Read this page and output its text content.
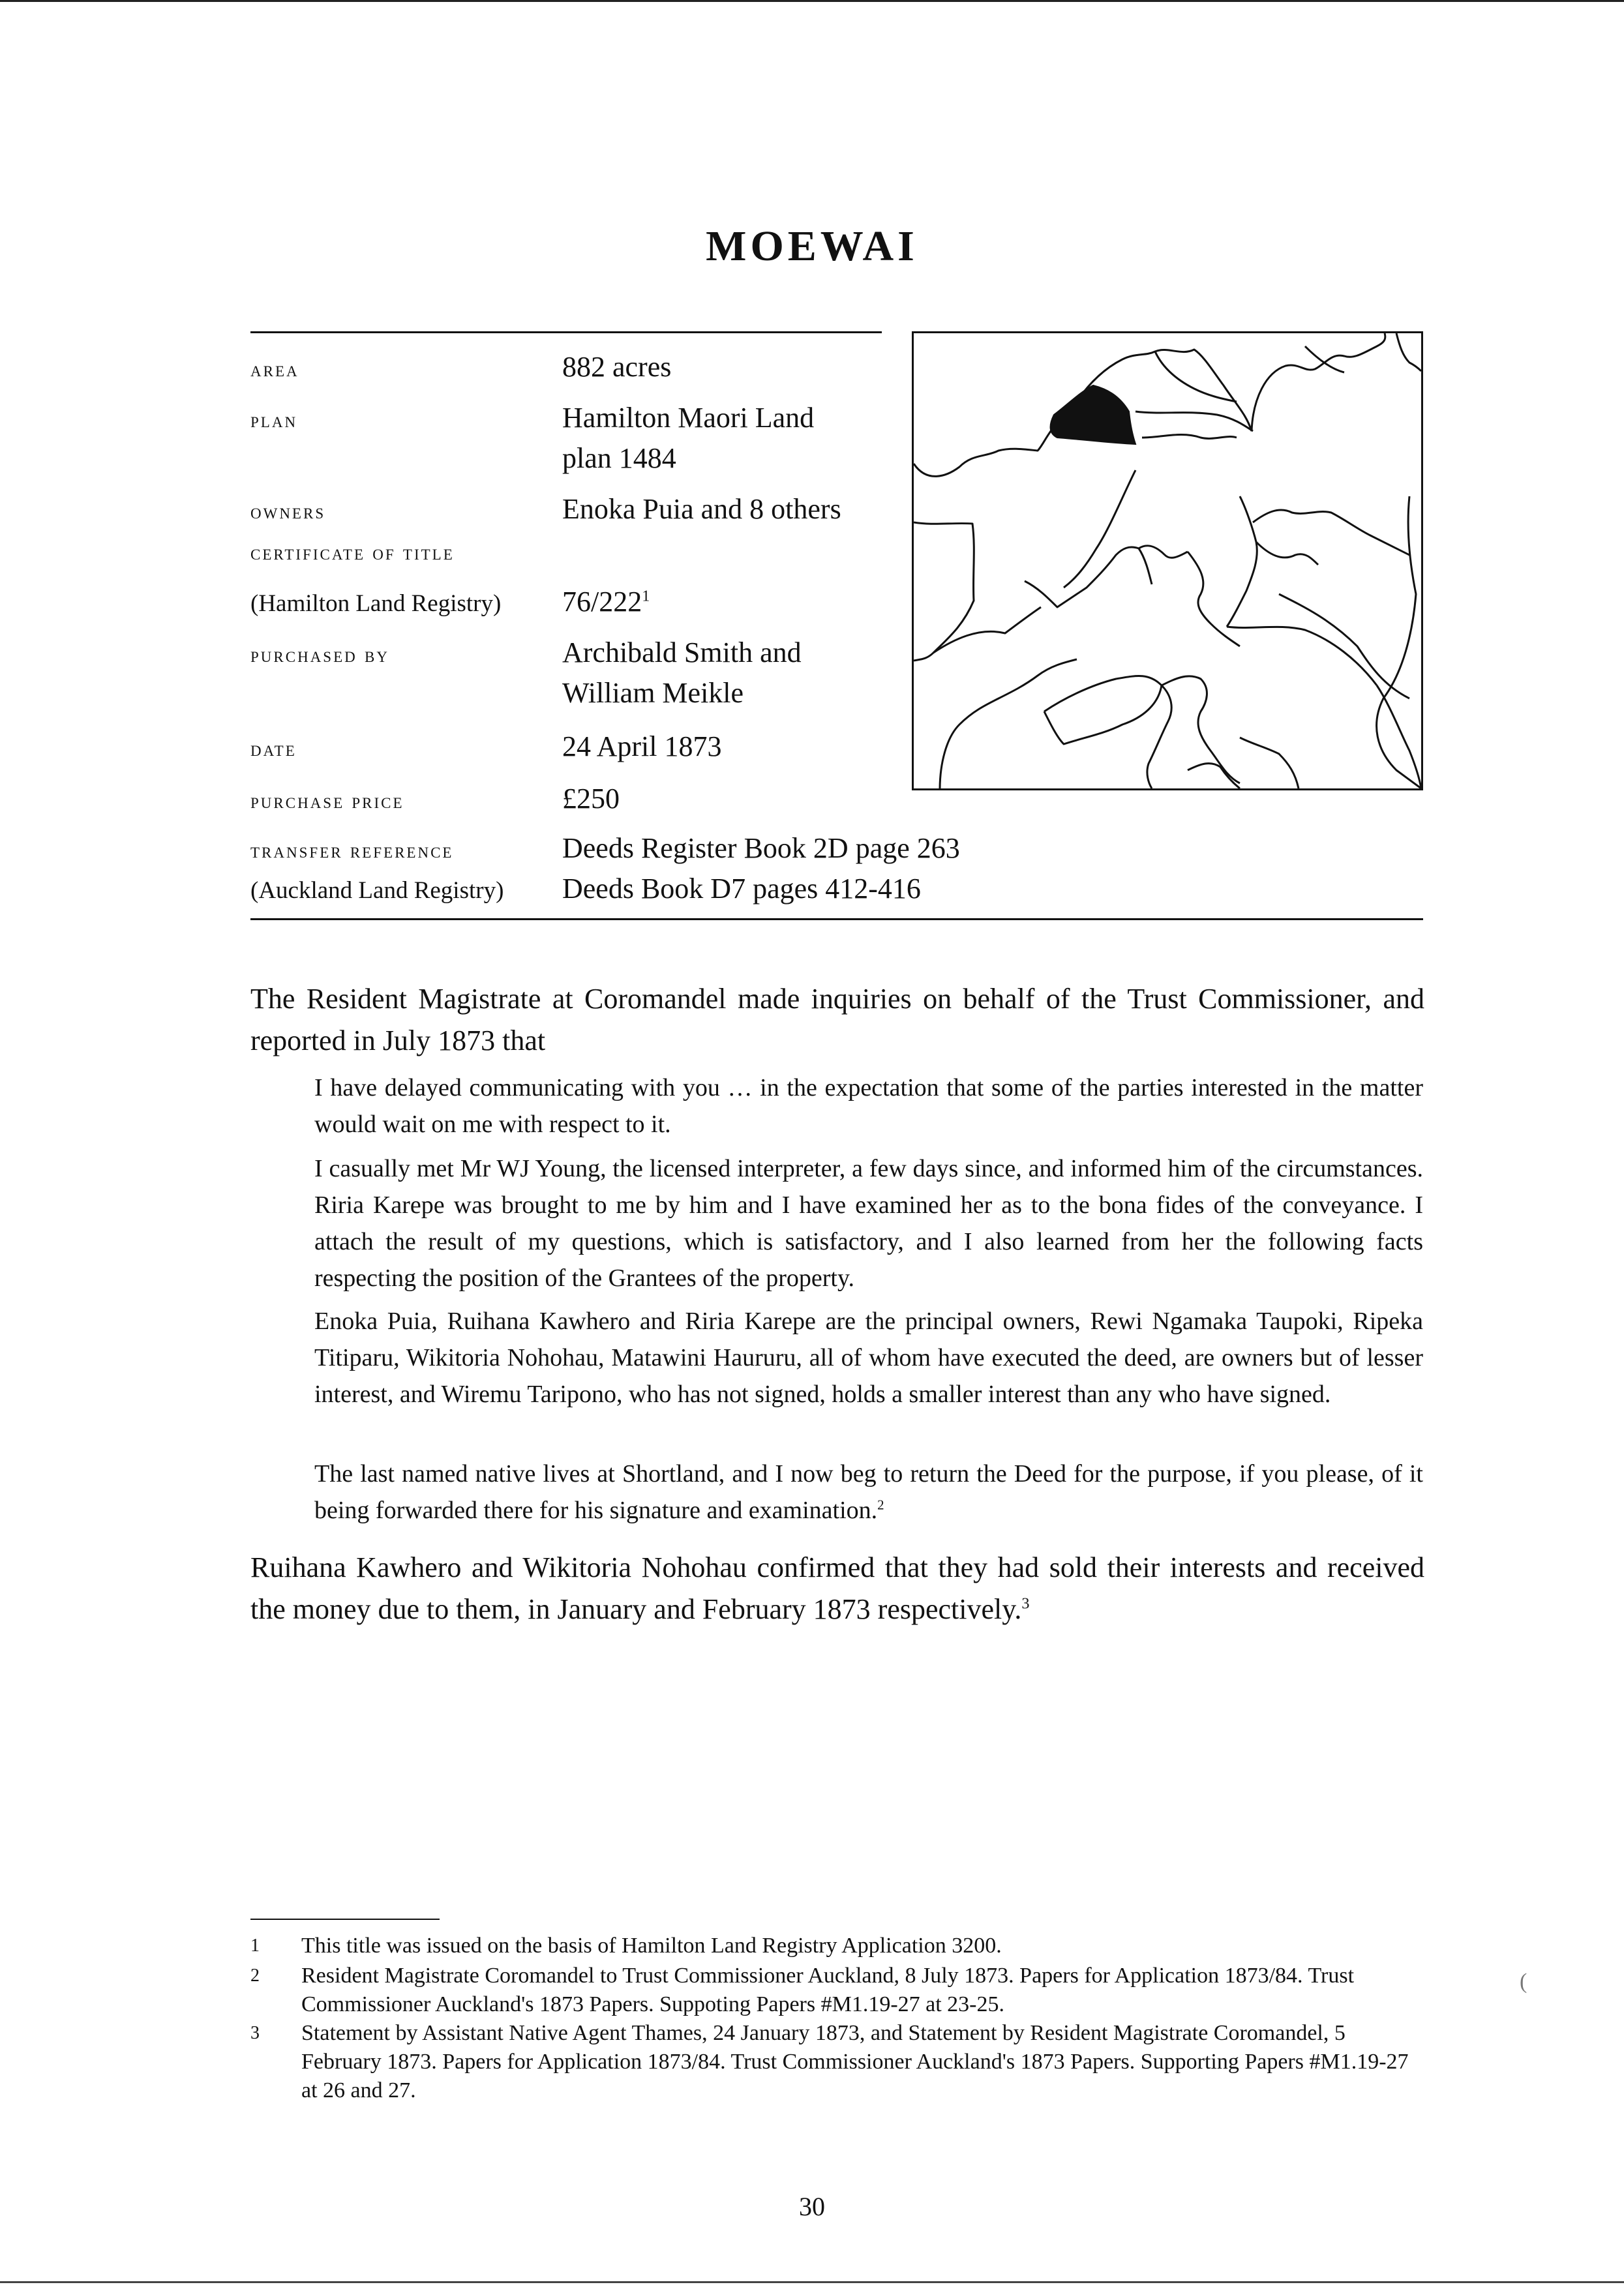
MOEWAI
area	882 acres
plan	Hamilton Maori Land
plan 1484
owners	Enoka Puia and 8 others
certificate of title
(Hamilton Land Registry)	$76/222^1$
purchased by	Archibald Smith and
William Meikle
date	24 April 1873
purchase price	£250
transfer reference	Deeds Register Book 2D page 263
(Auckland Land Registry)	Deeds Book D7 pages 412-416

The Resident Magistrate at Coromandel made inquiries on behalf of the Trust Commissioner, and reported in July 1873 that

I have delayed communicating with you … in the expectation that some of the parties interested in the matter would wait on me with respect to it.

I casually met Mr WJ Young, the licensed interpreter, a few days since, and informed him of the circumstances. Riria Karepe was brought to me by him and I have examined her as to the bona fides of the conveyance. I attach the result of my questions, which is satisfactory, and I also learned from her the following facts respecting the position of the Grantees of the property.

Enoka Puia, Ruihana Kawhero and Riria Karepe are the principal owners, Rewi Ngamaka Taupoki, Ripeka Titiparu, Wikitoria Nohohau, Matawini Haururu, all of whom have executed the deed, are owners but of lesser interest, and Wiremu Taripono, who has not signed, holds a smaller interest than any who have signed.

The last named native lives at Shortland, and I now beg to return the Deed for the purpose, if you please, of it being forwarded there for his signature and examination.$^2$

Ruihana Kawhero and Wikitoria Nohohau confirmed that they had sold their interests and received the money due to them, in January and February 1873 respectively.$^3$

1	This title was issued on the basis of Hamilton Land Registry Application 3200.
2	Resident Magistrate Coromandel to Trust Commissioner Auckland, 8 July 1873. Papers for Application 1873/84. Trust Commissioner Auckland's 1873 Papers. Suppoting Papers #M1.19-27 at 23-25.
3	Statement by Assistant Native Agent Thames, 24 January 1873, and Statement by Resident Magistrate Coromandel, 5 February 1873. Papers for Application 1873/84. Trust Commissioner Auckland's 1873 Papers. Supporting Papers #M1.19-27 at 26 and 27.
(
30
